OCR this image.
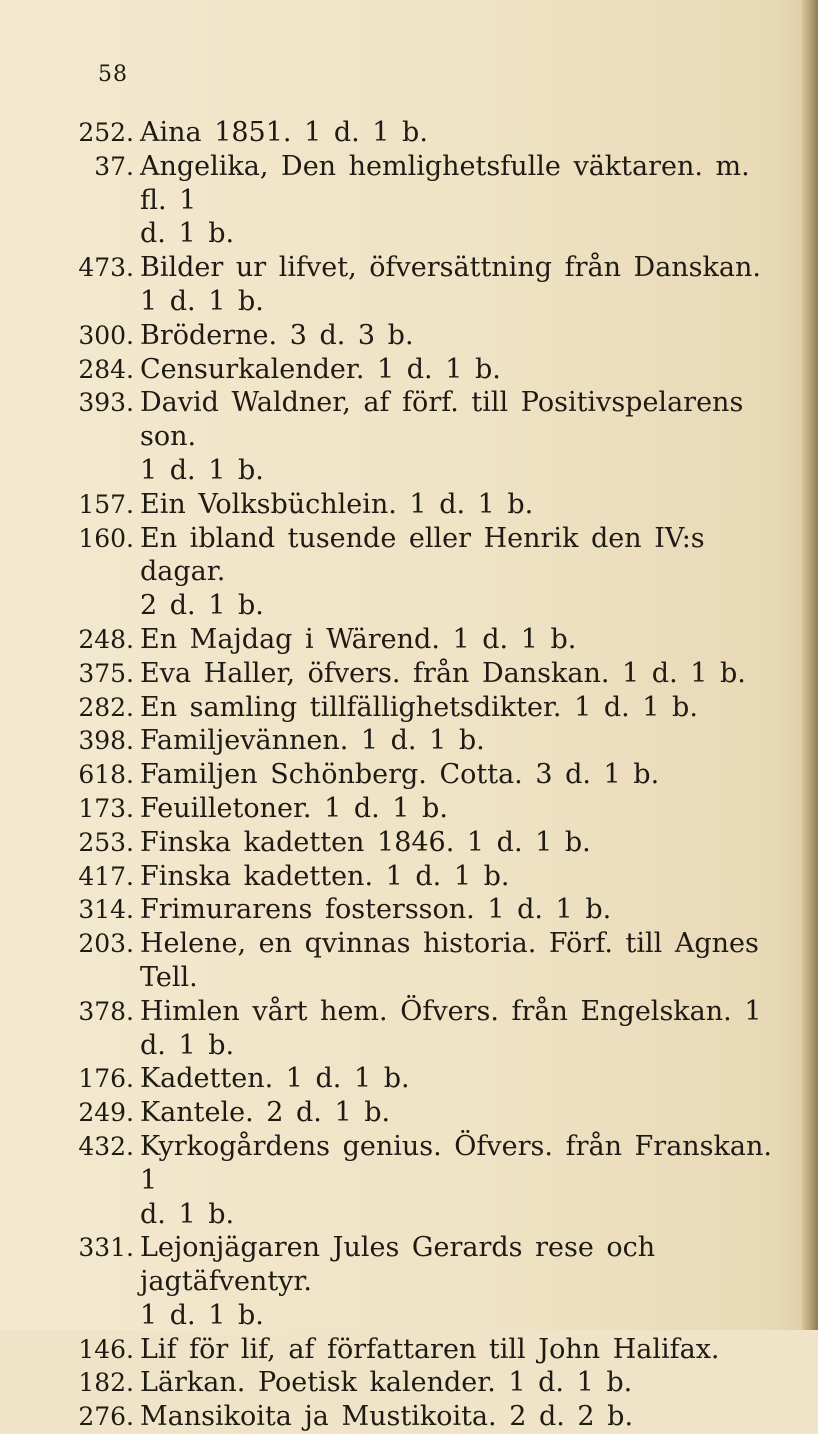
58
252. Aina 1851. 1 d. 1 b.
37. Angelika, Den hemlighetsfulle väktaren. m. fl. 1
d. 1 b.
473. Bilder ur lifvet, öfversättning från Danskan. 1 d. 1 b.
300. Bröderne. 3 d. 3 b.
284. Censurkalender. 1 d. 1 b.
393. David Waldner, af förf. till Positivspelarens son.
1 d. 1 b.
157. Ein Volksbüchlein. 1 d. 1 b.
160. En ibland tusende eller Henrik den IV:s dagar.
2 d. 1 b.
248. En Majdag i Wärend. 1 d. 1 b.
375. Eva Haller, öfvers. från Danskan. 1 d. 1 b.
282. En samling tillfällighetsdikter. 1 d. 1 b.
398. Familjevännen. 1 d. 1 b.
618. Familjen Schönberg. Cotta. 3 d. 1 b.
173. Feuilletoner. 1 d. 1 b.
253. Finska kadetten 1846. 1 d. 1 b.
417. Finska kadetten. 1 d. 1 b.
314. Frimurarens fostersson. 1 d. 1 b.
203. Helene, en qvinnas historia. Förf. till Agnes Tell.
378. Himlen vårt hem. Öfvers. från Engelskan. 1 d. 1 b.
176. Kadetten. 1 d. 1 b.
249. Kantele. 2 d. 1 b.
432. Kyrkogårdens genius. Öfvers. från Franskan. 1
d. 1 b.
331. Lejonjägaren Jules Gerards rese och jagtäfventyr.
1 d. 1 b.
146. Lif för lif, af författaren till John Halifax.
182. Lärkan. Poetisk kalender. 1 d. 1 b.
276. Mansikoita ja Mustikoita. 2 d. 2 b.
